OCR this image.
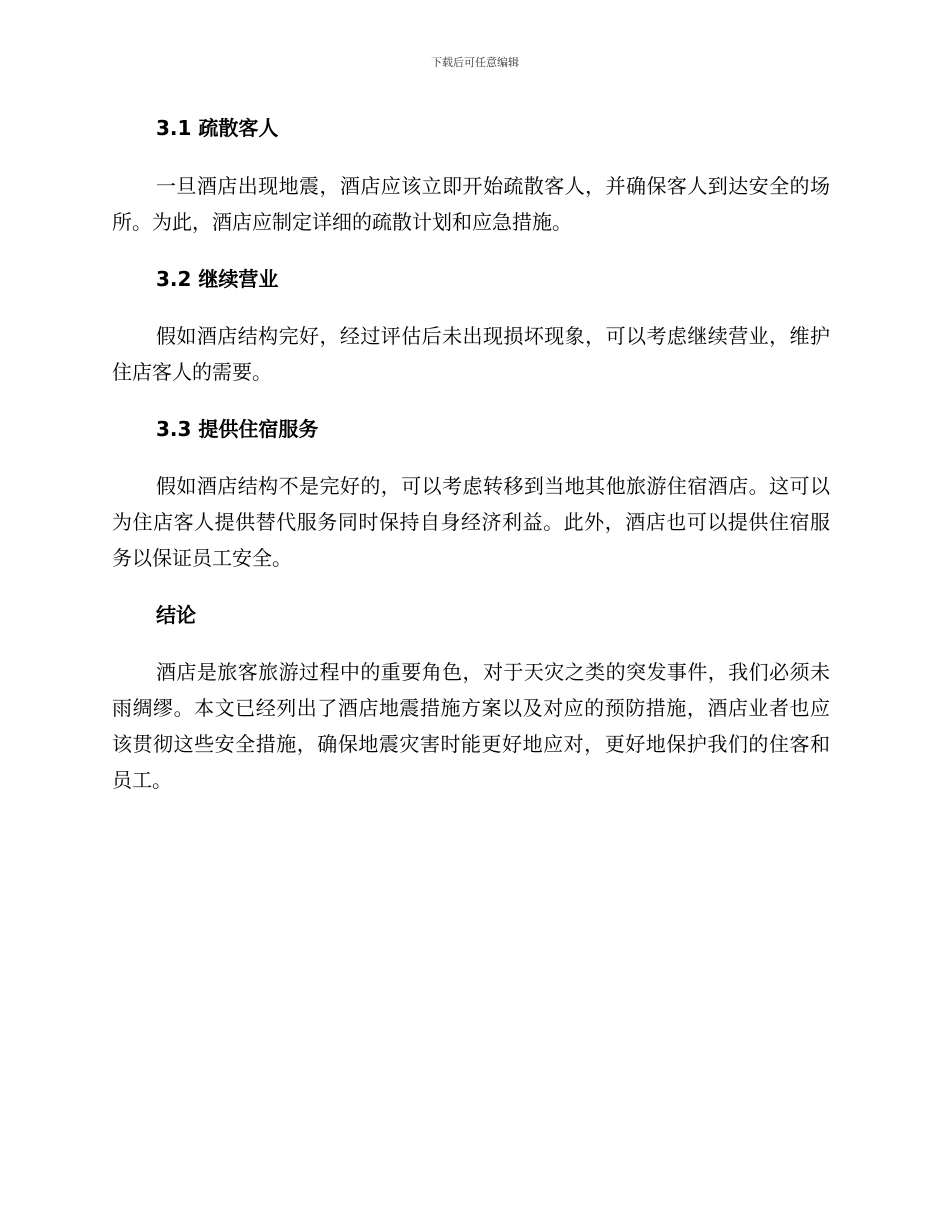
下载后可任意编辑
3.1 疏散客人

一旦酒店出现地震，酒店应该立即开始疏散客人，并确保客人到达安全的场所。为此，酒店应制定详细的疏散计划和应急措施。

3.2 继续营业

假如酒店结构完好，经过评估后未出现损坏现象，可以考虑继续营业，维护住店客人的需要。

3.3 提供住宿服务

假如酒店结构不是完好的，可以考虑转移到当地其他旅游住宿酒店。这可以为住店客人提供替代服务同时保持自身经济利益。此外，酒店也可以提供住宿服务以保证员工安全。

结论

酒店是旅客旅游过程中的重要角色，对于天灾之类的突发事件，我们必须未雨绸缪。本文已经列出了酒店地震措施方案以及对应的预防措施，酒店业者也应该贯彻这些安全措施，确保地震灾害时能更好地应对，更好地保护我们的住客和员工。
